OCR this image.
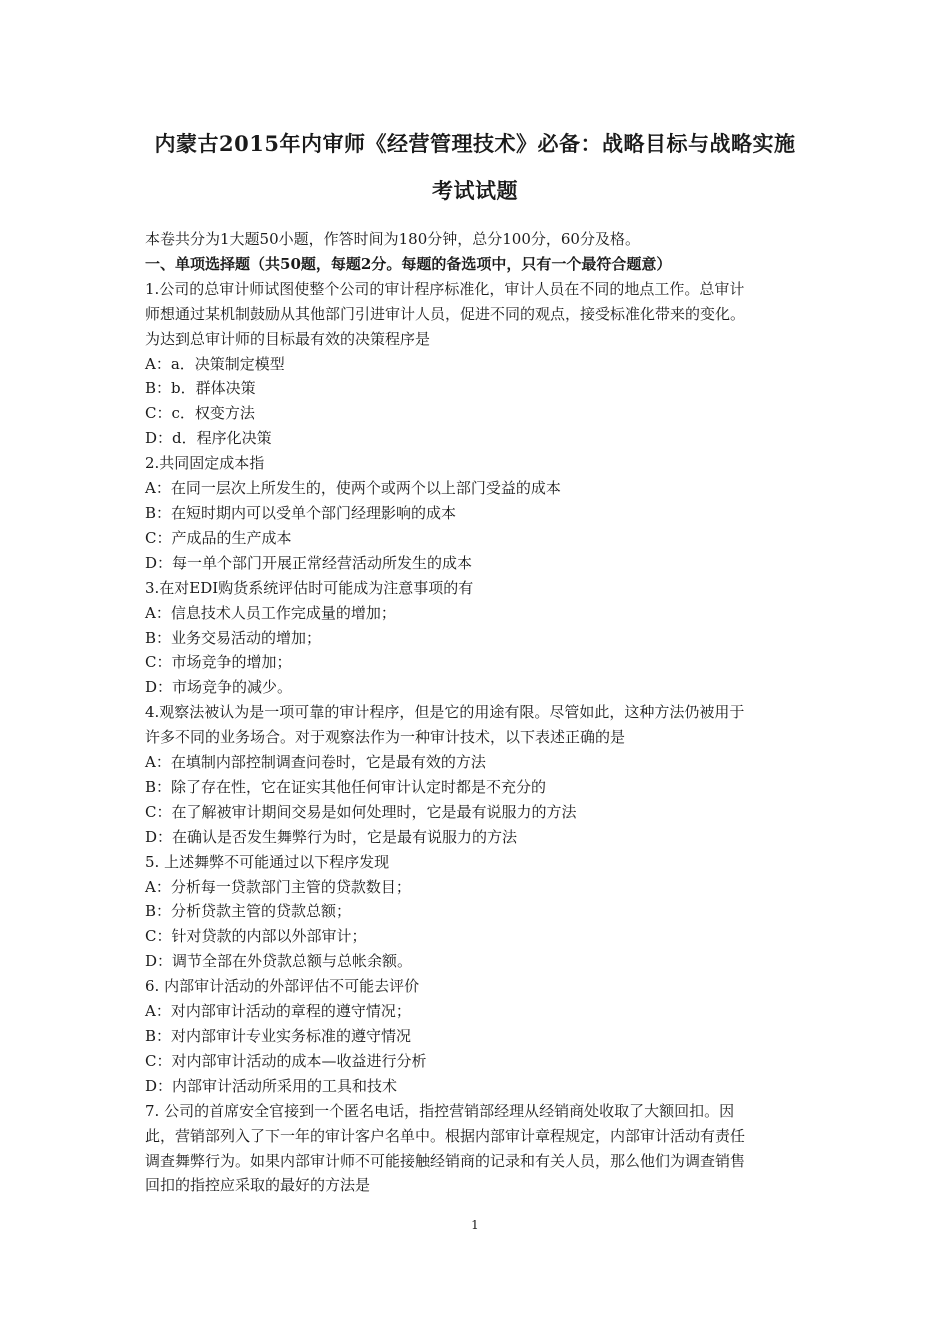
内蒙古2015年内审师《经营管理技术》必备：战略目标与战略实施
考试试题

本卷共分为1大题50小题，作答时间为180分钟，总分100分，60分及格。

一、单项选择题（共50题，每题2分。每题的备选项中，只有一个最符合题意）

1.公司的总审计师试图使整个公司的审计程序标准化，审计人员在不同的地点工作。总审计

师想通过某机制鼓励从其他部门引进审计人员，促进不同的观点，接受标准化带来的变化。

为达到总审计师的目标最有效的决策程序是

A：a．决策制定模型

B：b．群体决策

C：c．权变方法

D：d．程序化决策

2.共同固定成本指

A：在同一层次上所发生的，使两个或两个以上部门受益的成本

B：在短时期内可以受单个部门经理影响的成本

C：产成品的生产成本

D：每一单个部门开展正常经营活动所发生的成本

3.在对EDI购货系统评估时可能成为注意事项的有

A：信息技术人员工作完成量的增加；

B：业务交易活动的增加；

C：市场竞争的增加；

D：市场竞争的减少。

4.观察法被认为是一项可靠的审计程序，但是它的用途有限。尽管如此，这种方法仍被用于

许多不同的业务场合。对于观察法作为一种审计技术，以下表述正确的是

A：在填制内部控制调查问卷时，它是最有效的方法

B：除了存在性，它在证实其他任何审计认定时都是不充分的

C：在了解被审计期间交易是如何处理时，它是最有说服力的方法

D：在确认是否发生舞弊行为时，它是最有说服力的方法

5. 上述舞弊不可能通过以下程序发现

A：分析每一贷款部门主管的贷款数目；

B：分析贷款主管的贷款总额；

C：针对贷款的内部以外部审计；

D：调节全部在外贷款总额与总帐余额。

6. 内部审计活动的外部评估不可能去评价

A：对内部审计活动的章程的遵守情况；

B：对内部审计专业实务标准的遵守情况

C：对内部审计活动的成本—收益进行分析

D：内部审计活动所采用的工具和技术

7. 公司的首席安全官接到一个匿名电话，指控营销部经理从经销商处收取了大额回扣。因

此，营销部列入了下一年的审计客户名单中。根据内部审计章程规定，内部审计活动有责任

调查舞弊行为。如果内部审计师不可能接触经销商的记录和有关人员，那么他们为调查销售

回扣的指控应采取的最好的方法是

1
